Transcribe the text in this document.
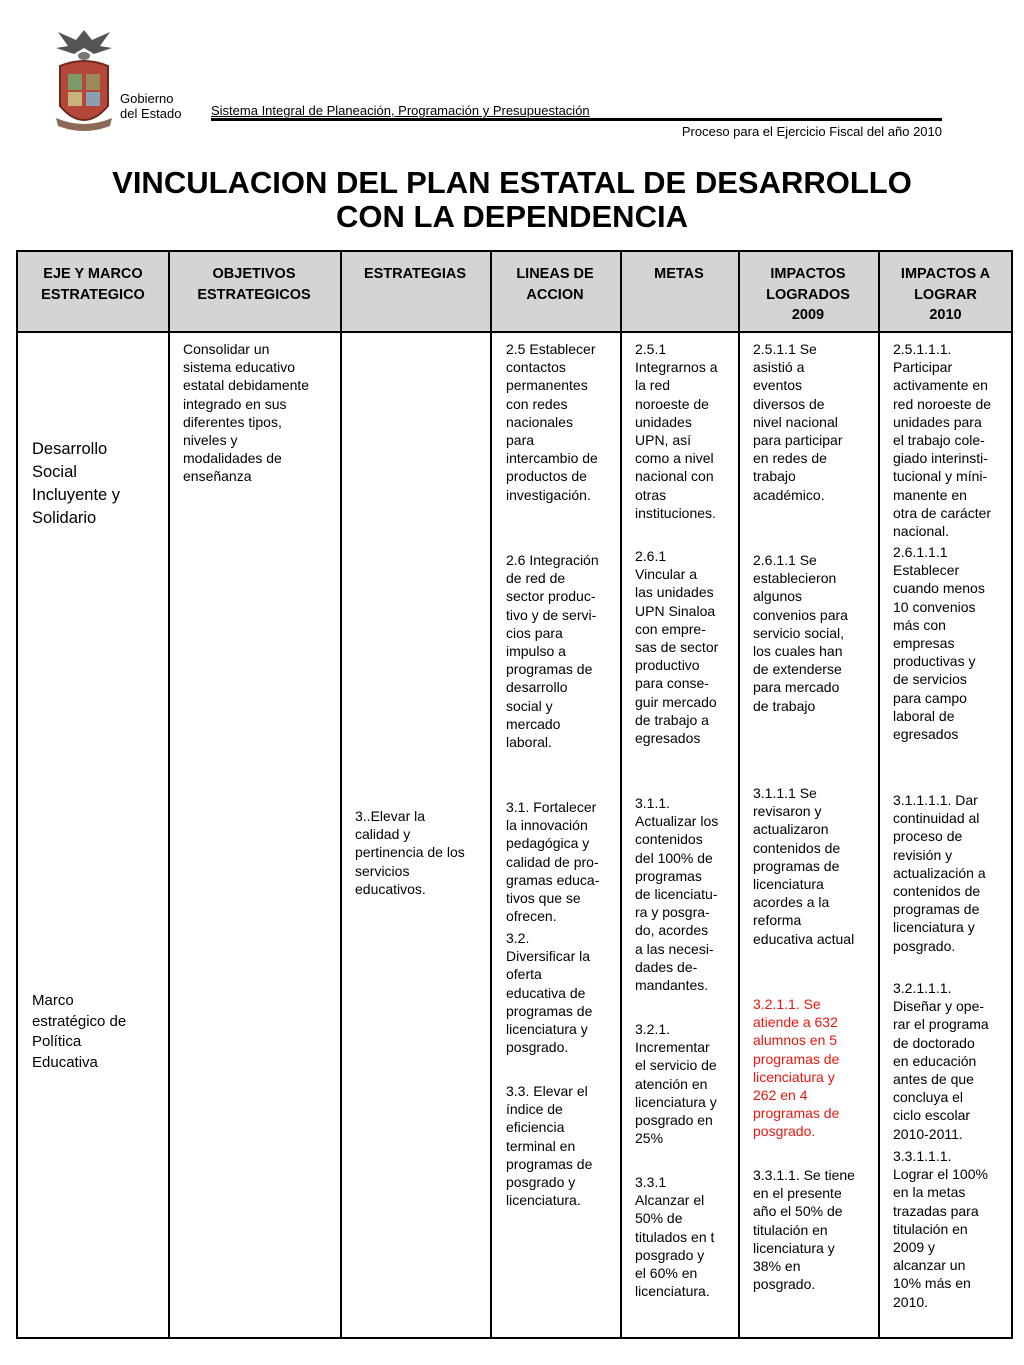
Gobierno
del Estado Sistema Integral de Planeación, Programación y Presupuestación
Proceso para el Ejercicio Fiscal del año 2010
VINCULACION DEL PLAN ESTATAL DE DESARROLLO
CON LA DEPENDENCIA
EJE Y MARCO
ESTRATEGICO
OBJETIVOS
ESTRATEGICOS
ESTRATEGIAS	LINEAS DE
ACCION
METAS	IMPACTOS
LOGRADOS
2009
IMPACTOS A
LOGRAR
2010
Desarrollo
Social
Incluyente y
Solidario
Marco
estratégico de
Política
Educativa
Consolidar un
sistema educativo
estatal debidamente
integrado en sus
diferentes tipos,
niveles y
modalidades de
enseñanza
3..Elevar la
calidad y
pertinencia de los
servicios
educativos.
2.5 Establecer
contactos
permanentes
con redes
nacionales
para
intercambio de
productos de
investigación.
2.6 Integración
de red de
sector produc-
tivo y de servi-
cios para
impulso a
programas de
desarrollo
social y
mercado
laboral.
3.1. Fortalecer
la innovación
pedagógica y
calidad de pro-
gramas educa-
tivos que se
ofrecen.
3.2.
Diversificar la
oferta
educativa de
programas de
licenciatura y
posgrado.
3.3. Elevar el
índice de
eficiencia
terminal en
programas de
posgrado y
licenciatura.
2.5.1
Integrarnos a
la red
noroeste de
unidades
UPN, así
como a nivel
nacional con
otras
instituciones.
2.6.1
Vincular a
las unidades
UPN Sinaloa
con empre-
sas de sector
productivo
para conse-
guir mercado
de trabajo a
egresados
3.1.1.
Actualizar los
contenidos
del 100% de
programas
de licenciatu-
ra y posgra-
do, acordes
a las necesi-
dades de-
mandantes.
3.2.1.
Incrementar
el servicio de
atención en
licenciatura y
posgrado en
25%
3.3.1
Alcanzar el
50% de
titulados en t
posgrado y
el 60% en
licenciatura.
2.5.1.1 Se
asistió a
eventos
diversos de
nivel nacional
para participar
en redes de
trabajo
académico.
2.6.1.1 Se
establecieron
algunos
convenios para
servicio social,
los cuales han
de extenderse
para mercado
de trabajo
3.1.1.1 Se
revisaron y
actualizaron
contenidos de
programas de
licenciatura
acordes a la
reforma
educativa actual
3.2.1.1. Se
atiende a 632
alumnos en 5
programas de
licenciatura y
262 en 4
programas de
posgrado.
3.3.1.1. Se tiene
en el presente
año el 50% de
titulación en
licenciatura y
38% en
posgrado.
2.5.1.1.1.
Participar
activamente en
red noroeste de
unidades para
el trabajo cole-
giado interinsti-
tucional y míni-
manente en
otra de carácter
nacional.
2.6.1.1.1
Establecer
cuando menos
10 convenios
más con
empresas
productivas y
de servicios
para campo
laboral de
egresados
3.1.1.1.1. Dar
continuidad al
proceso de
revisión y
actualización a
contenidos de
programas de
licenciatura y
posgrado.
3.2.1.1.1.
Diseñar y ope-
rar el programa
de doctorado
en educación
antes de que
concluya el
ciclo escolar
2010-2011.
3.3.1.1.1.
Lograr el 100%
en la metas
trazadas para
titulación en
2009 y
alcanzar un
10% más en
2010.
